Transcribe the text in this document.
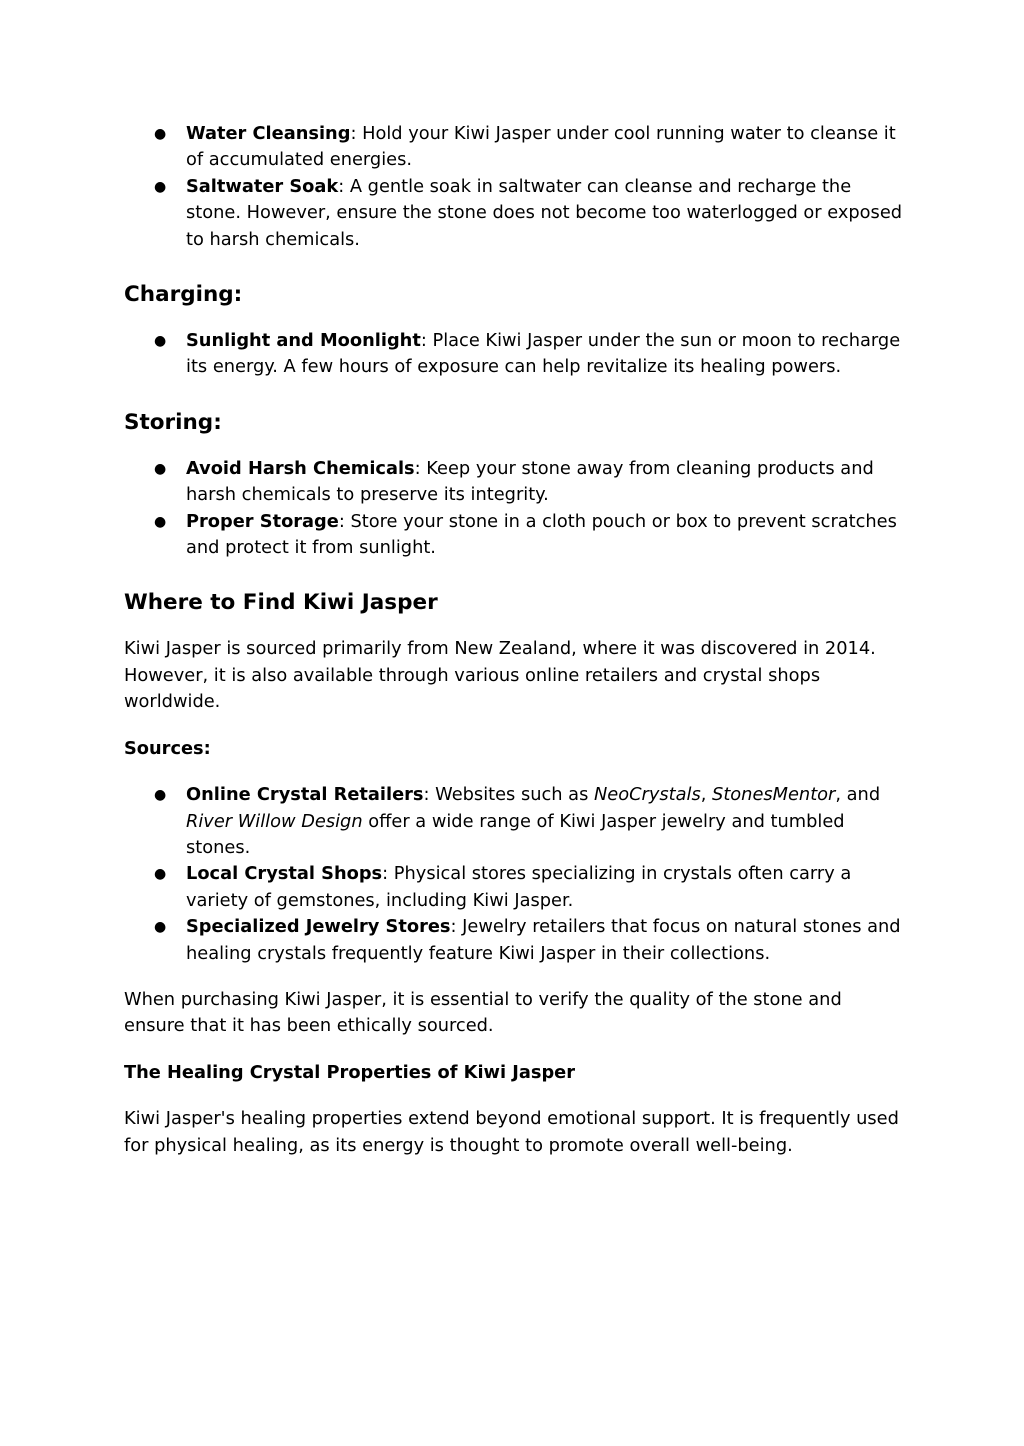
● Water Cleansing: Hold your Kiwi Jasper under cool running water to cleanse it of accumulated energies.
● Saltwater Soak: A gentle soak in saltwater can cleanse and recharge the stone. However, ensure the stone does not become too waterlogged or exposed to harsh chemicals.
Charging:
● Sunlight and Moonlight: Place Kiwi Jasper under the sun or moon to recharge its energy. A few hours of exposure can help revitalize its healing powers.
Storing:
● Avoid Harsh Chemicals: Keep your stone away from cleaning products and harsh chemicals to preserve its integrity.
● Proper Storage: Store your stone in a cloth pouch or box to prevent scratches and protect it from sunlight.
Where to Find Kiwi Jasper

Kiwi Jasper is sourced primarily from New Zealand, where it was discovered in 2014. However, it is also available through various online retailers and crystal shops worldwide.

Sources:

● Online Crystal Retailers: Websites such as NeoCrystals, StonesMentor, and River Willow Design offer a wide range of Kiwi Jasper jewelry and tumbled stones.
● Local Crystal Shops: Physical stores specializing in crystals often carry a variety of gemstones, including Kiwi Jasper.
● Specialized Jewelry Stores: Jewelry retailers that focus on natural stones and healing crystals frequently feature Kiwi Jasper in their collections.

When purchasing Kiwi Jasper, it is essential to verify the quality of the stone and ensure that it has been ethically sourced.

The Healing Crystal Properties of Kiwi Jasper

Kiwi Jasper's healing properties extend beyond emotional support. It is frequently used for physical healing, as its energy is thought to promote overall well-being.
